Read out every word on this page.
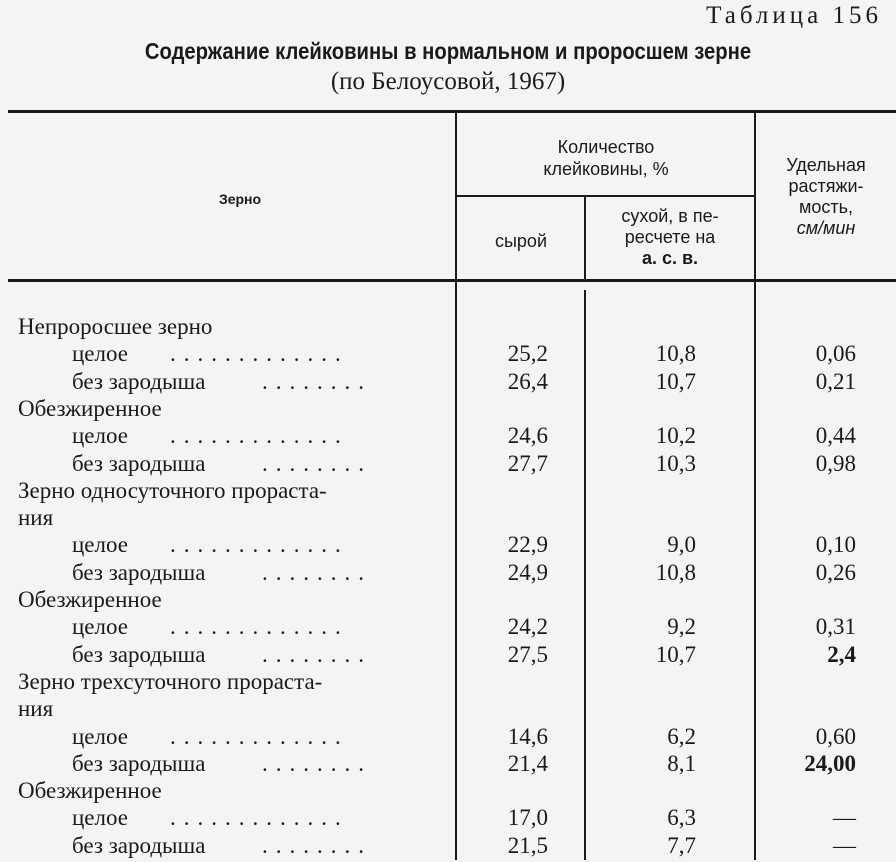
Таблица 156
Содержание клейковины в нормальном и проросшем зерне
(по Белоусовой, 1967)
Зерно
Количество
клейковины, %
сырой
сухой, в пе-
ресчете на
а. с. в.
Удельная
растяжи-
мость,
см/мин
Непроросшее зерно
целое .............	25,2	10,8	0,06
без зародыша ........	26,4	10,7	0,21
Обезжиренное
целое .............	24,6	10,2	0,44
без зародыша ........	27,7	10,3	0,98
Зерно односуточного прораста-
ния
целое .............	22,9	9,0	0,10
без зародыша ........	24,9	10,8	0,26
Обезжиренное
целое .............	24,2	9,2	0,31
без зародыша ........	27,5	10,7	2,4
Зерно трехсуточного прораста-
ния
целое .............	14,6	6,2	0,60
без зародыша ........	21,4	8,1	24,00
Обезжиренное
целое .............	17,0	6,3	—
без зародыша ........	21,5	7,7	—
